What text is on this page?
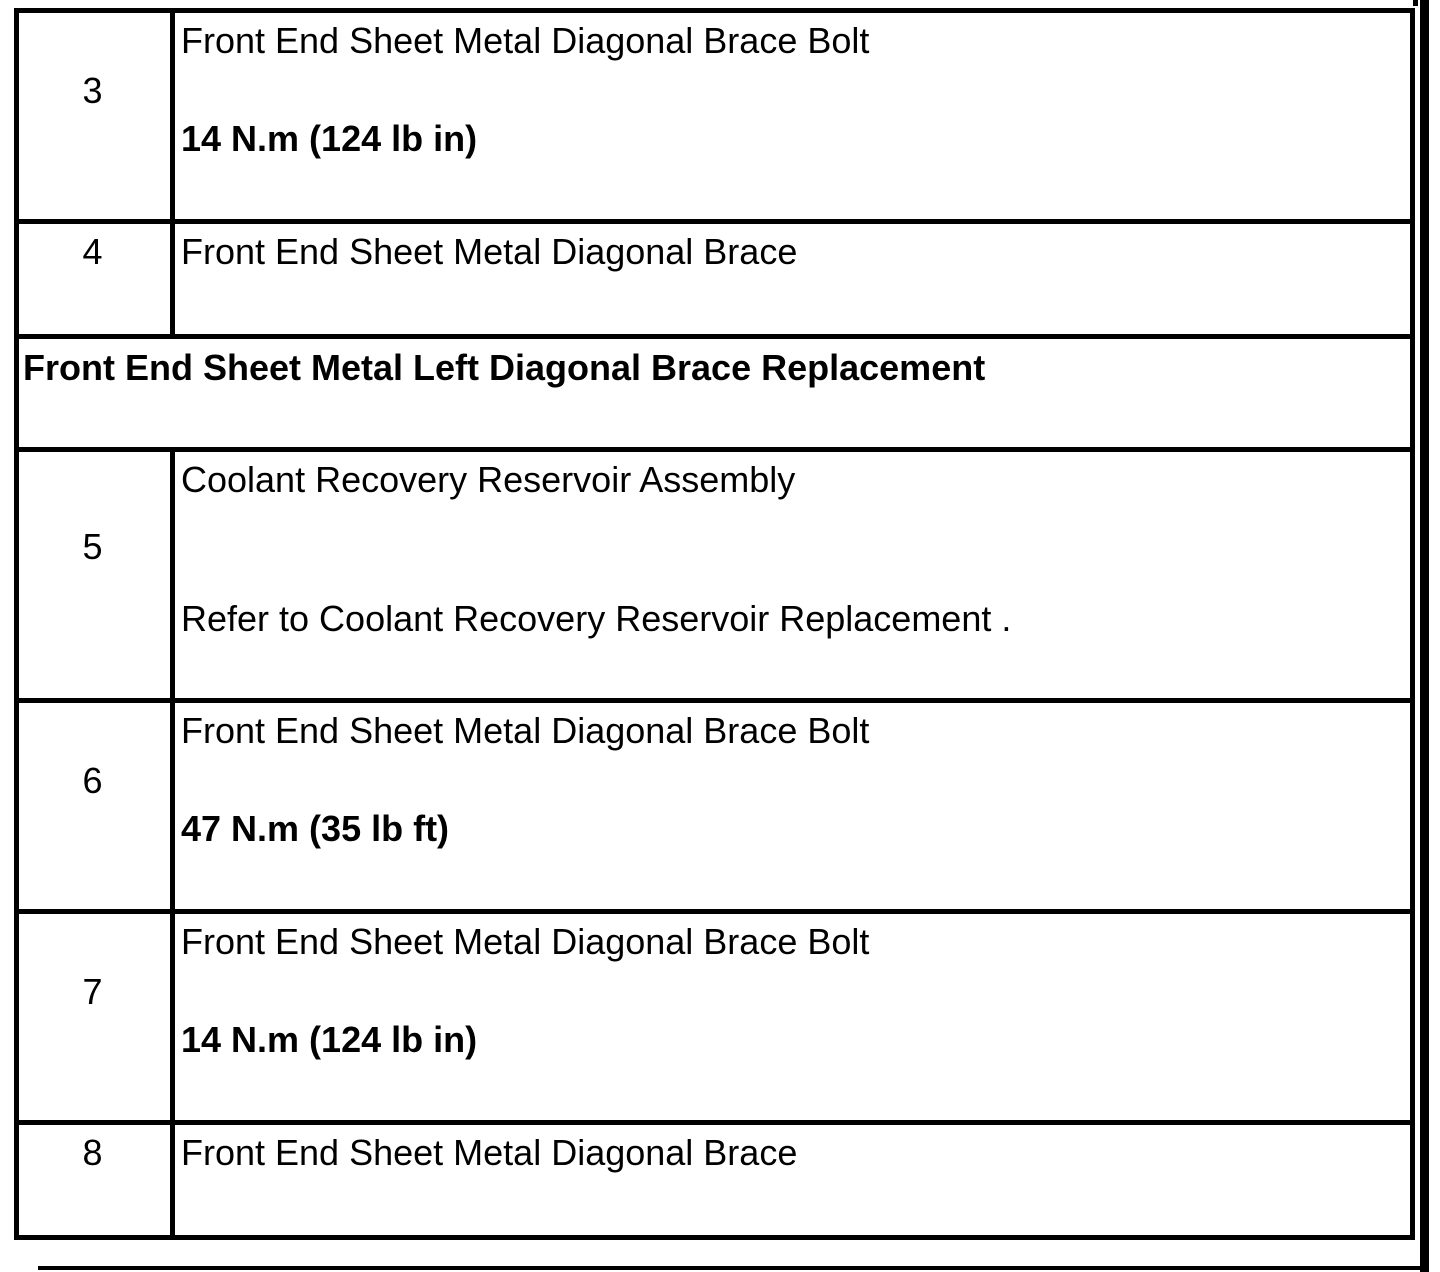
3	Front End Sheet Metal Diagonal Brace Bolt
14 N.m (124 lb in)

4	Front End Sheet Metal Diagonal Brace

Front End Sheet Metal Left Diagonal Brace Replacement	

5	Coolant Recovery Reservoir Assembly
Refer to Coolant Recovery Reservoir Replacement .

6	Front End Sheet Metal Diagonal Brace Bolt
47 N.m (35 lb ft)

7	Front End Sheet Metal Diagonal Brace Bolt
14 N.m (124 lb in)

8	Front End Sheet Metal Diagonal Brace
